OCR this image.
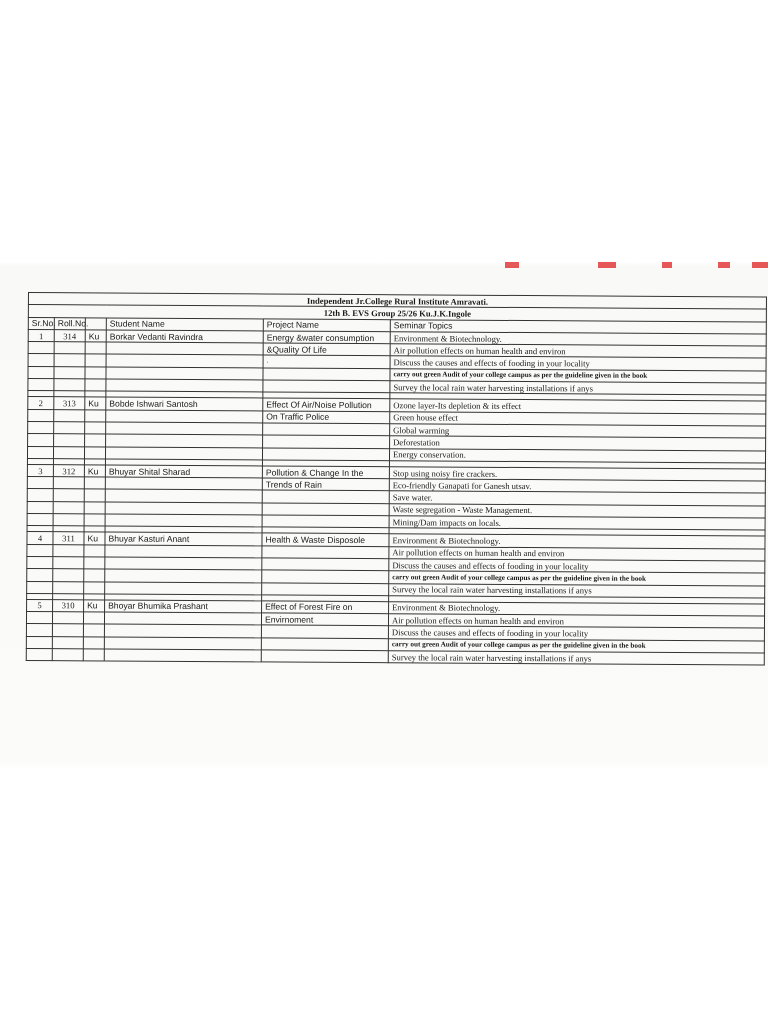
Independent Jr.College Rural Institute Amravati.					
12th B. EVS Group 25/26 Ku.J.K.Ingole					
Sr.No.	Roll.No.		Student Name	Project Name	Seminar Topics
1	314	Ku	Borkar Vedanti Ravindra	Energy &water consumption	Environment & Biotechnology.
				&Quality Of Life	Air pollution effects on human health and environ
				.	Discuss the causes and effects of fooding in your locality
					carry out green Audit of your college campus as per the guideline given in the book
					Survey the local rain water harvesting installations if anys

2	313	Ku	Bobde Ishwari Santosh	Effect Of Air/Noise Pollution	Ozone layer-Its depletion & its effect
				On Traffic Police	Green house effect
					Global warming
					Deforestation
					Energy conservation.

3	312	Ku	Bhuyar Shital Sharad	Pollution & Change In the	Stop using noisy fire crackers.
				Trends of Rain	Eco-friendly Ganapati for Ganesh utsav.
					Save water.
					Waste segregation - Waste Management.
					Mining/Dam impacts on locals.

4	311	Ku	Bhuyar Kasturi Anant	Health & Waste Disposole	Environment & Biotechnology.
					Air pollution effects on human health and environ
					Discuss the causes and effects of fooding in your locality
					carry out green Audit of your college campus as per the guideline given in the book
					Survey the local rain water harvesting installations if anys

5	310	Ku	Bhoyar Bhumika Prashant	Effect of Forest Fire on	Environment & Biotechnology.
				Envirnoment	Air pollution effects on human health and environ
					Discuss the causes and effects of fooding in your locality
					carry out green Audit of your college campus as per the guideline given in the book
					Survey the local rain water harvesting installations if anys
